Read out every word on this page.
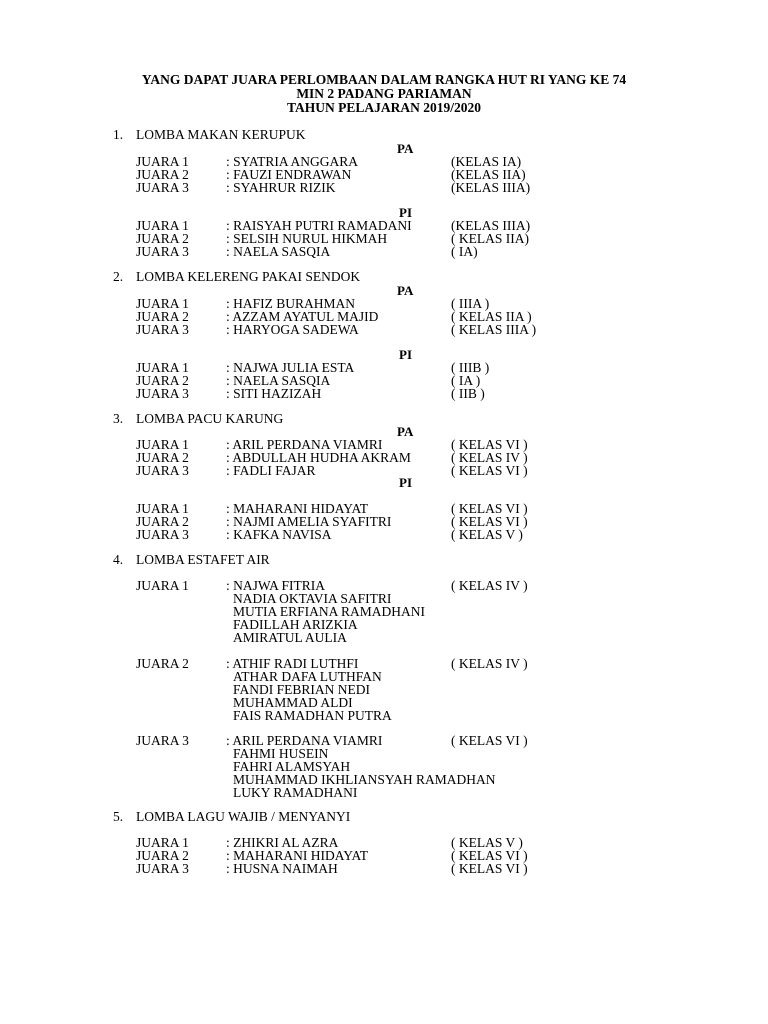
YANG DAPAT JUARA PERLOMBAAN DALAM RANGKA HUT RI YANG KE 74
MIN 2 PADANG PARIAMAN
TAHUN PELAJARAN 2019/2020
1. LOMBA MAKAN KERUPUK
PA
JUARA 1	: SYATRIA ANGGARA	(KELAS IA)
JUARA 2	: FAUZI ENDRAWAN	(KELAS IIA)
JUARA 3	: SYAHRUR RIZIK	(KELAS IIIA)
PI
JUARA 1	: RAISYAH PUTRI RAMADANI	(KELAS IIIA)
JUARA 2	: SELSIH NURUL HIKMAH	( KELAS IIA)
JUARA 3	: NAELA SASQIA	( IA)
2. LOMBA KELERENG PAKAI SENDOK
PA
JUARA 1	: HAFIZ BURAHMAN	( IIIA )
JUARA 2	: AZZAM AYATUL MAJID	( KELAS IIA )
JUARA 3	: HARYOGA SADEWA	( KELAS IIIA )
PI
JUARA 1	: NAJWA JULIA ESTA	( IIIB )
JUARA 2	: NAELA SASQIA	( IA )
JUARA 3	: SITI HAZIZAH	( IIB )
3. LOMBA PACU KARUNG
PA
JUARA 1	: ARIL PERDANA VIAMRI	( KELAS VI )
JUARA 2	: ABDULLAH HUDHA AKRAM	( KELAS IV )
JUARA 3	: FADLI FAJAR	( KELAS VI )
PI
JUARA 1	: MAHARANI HIDAYAT	( KELAS VI )
JUARA 2	: NAJMI AMELIA SYAFITRI	( KELAS VI )
JUARA 3	: KAFKA NAVISA	( KELAS V )
4. LOMBA ESTAFET AIR
JUARA 1	: NAJWA FITRIA	( KELAS IV )
NADIA OKTAVIA SAFITRI
MUTIA ERFIANA RAMADHANI
FADILLAH ARIZKIA
AMIRATUL AULIA
JUARA 2	: ATHIF RADI LUTHFI	( KELAS IV )
ATHAR DAFA LUTHFAN
FANDI FEBRIAN NEDI
MUHAMMAD ALDI
FAIS RAMADHAN PUTRA
JUARA 3	: ARIL PERDANA VIAMRI	( KELAS VI )
FAHMI HUSEIN
FAHRI ALAMSYAH
MUHAMMAD IKHLIANSYAH RAMADHAN
LUKY RAMADHANI
5. LOMBA LAGU WAJIB / MENYANYI
JUARA 1	: ZHIKRI AL AZRA	( KELAS V )
JUARA 2	: MAHARANI HIDAYAT	( KELAS VI )
JUARA 3	: HUSNA NAIMAH	( KELAS VI )
